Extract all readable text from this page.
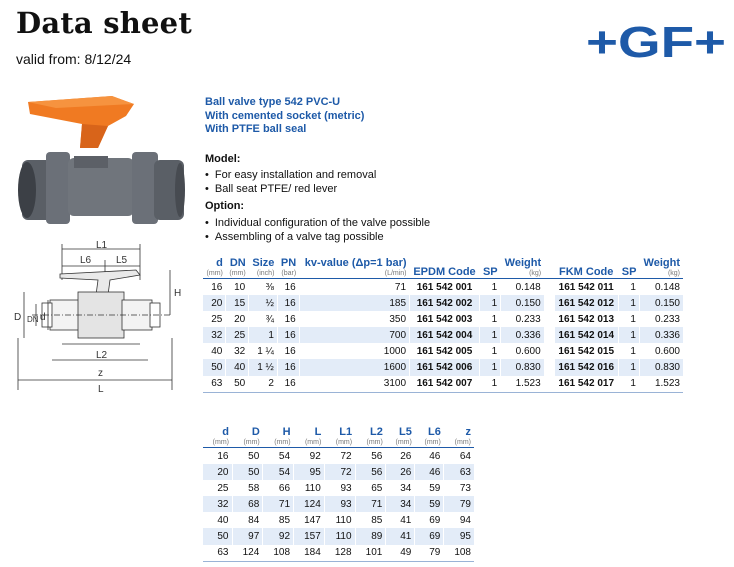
Data sheet
valid from: 8/12/24	+GF+
L1
L6 L5
H
D DN d
L2
z
L
Ball valve type 542 PVC-U
With cemented socket (metric)
With PTFE ball seal
Model:
• For easy installation and removal
• Ball seat PTFE/ red lever
Option:
• Individual configuration of the valve possible
• Assembling of a valve tag possible
d
(mm)	DN
(mm)	Size
(inch)	PN
(bar)	kv-value (Δp=1 bar)
(L/min)	EPDM Code	SP	Weight
(kg)		FKM Code	SP	Weight
(kg)

16	10	⅜	16	71	161 542 001	1	0.148		161 542 011	1	0.148
20	15	½	16	185	161 542 002	1	0.150		161 542 012	1	0.150
25	20	¾	16	350	161 542 003	1	0.233		161 542 013	1	0.233
32	25	1	16	700	161 542 004	1	0.336		161 542 014	1	0.336
40	32	1 ¼	16	1000	161 542 005	1	0.600		161 542 015	1	0.600
50	40	1 ½	16	1600	161 542 006	1	0.830		161 542 016	1	0.830
63	50	2	16	3100	161 542 007	1	1.523		161 542 017	1	1.523
d
(mm)	D
(mm)	H
(mm)	L
(mm)	L1
(mm)	L2
(mm)	L5
(mm)	L6
(mm)	z
(mm)

16	50	54	92	72	56	26	46	64
20	50	54	95	72	56	26	46	63
25	58	66	110	93	65	34	59	73
32	68	71	124	93	71	34	59	79
40	84	85	147	110	85	41	69	94
50	97	92	157	110	89	41	69	95
63	124	108	184	128	101	49	79	108
